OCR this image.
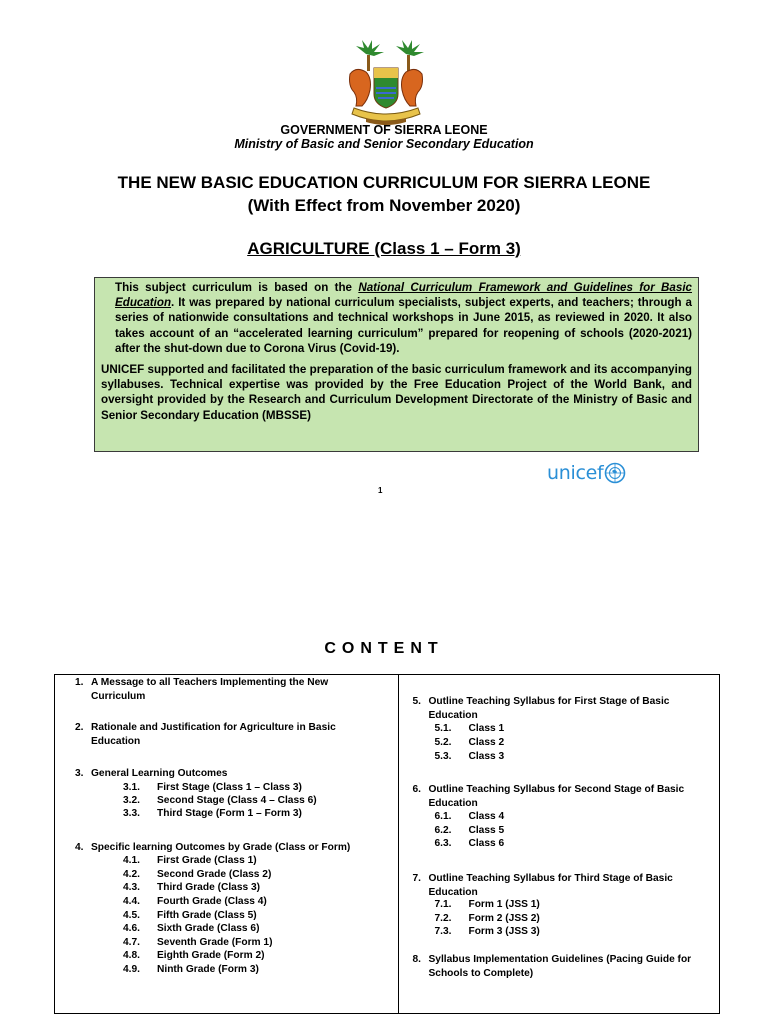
GOVERNMENT OF SIERRA LEONE
Ministry of Basic and Senior Secondary Education
THE NEW BASIC EDUCATION CURRICULUM FOR SIERRA LEONE
(With Effect from November 2020)
AGRICULTURE (Class 1 – Form 3)
This subject curriculum is based on the National Curriculum Framework and Guidelines for Basic Education. It was prepared by national curriculum specialists, subject experts, and teachers; through a series of nationwide consultations and technical workshops in June 2015, as reviewed in 2020. It also takes account of an “accelerated learning curriculum” prepared for reopening of schools (2020-2021) after the shut-down due to Corona Virus (Covid-19).
UNICEF supported and facilitated the preparation of the basic curriculum framework and its accompanying syllabuses. Technical expertise was provided by the Free Education Project of the World Bank, and oversight provided by the Research and Curriculum Development Directorate of the Ministry of Basic and Senior Secondary Education (MBSSE)
unicef
1
CONTENT
1. A Message to all Teachers Implementing the New Curriculum
2. Rationale and Justification for Agriculture in Basic Education
3. General Learning Outcomes
3.1. First Stage (Class 1 – Class 3)
3.2. Second Stage (Class 4 – Class 6)
3.3. Third Stage (Form 1 – Form 3)
4. Specific learning Outcomes by Grade (Class or Form)
4.1. First Grade (Class 1)
4.2. Second Grade (Class 2)
4.3. Third Grade (Class 3)
4.4. Fourth Grade (Class 4)
4.5. Fifth Grade (Class 5)
4.6. Sixth Grade (Class 6)
4.7. Seventh Grade (Form 1)
4.8. Eighth Grade (Form 2)
4.9. Ninth Grade (Form 3)
5. Outline Teaching Syllabus for First Stage of Basic Education
5.1. Class 1
5.2. Class 2
5.3. Class 3
6. Outline Teaching Syllabus for Second Stage of Basic Education
6.1. Class 4
6.2. Class 5
6.3. Class 6
7. Outline Teaching Syllabus for Third Stage of Basic Education
7.1. Form 1 (JSS 1)
7.2. Form 2 (JSS 2)
7.3. Form 3 (JSS 3)
8. Syllabus Implementation Guidelines (Pacing Guide for Schools to Complete)
